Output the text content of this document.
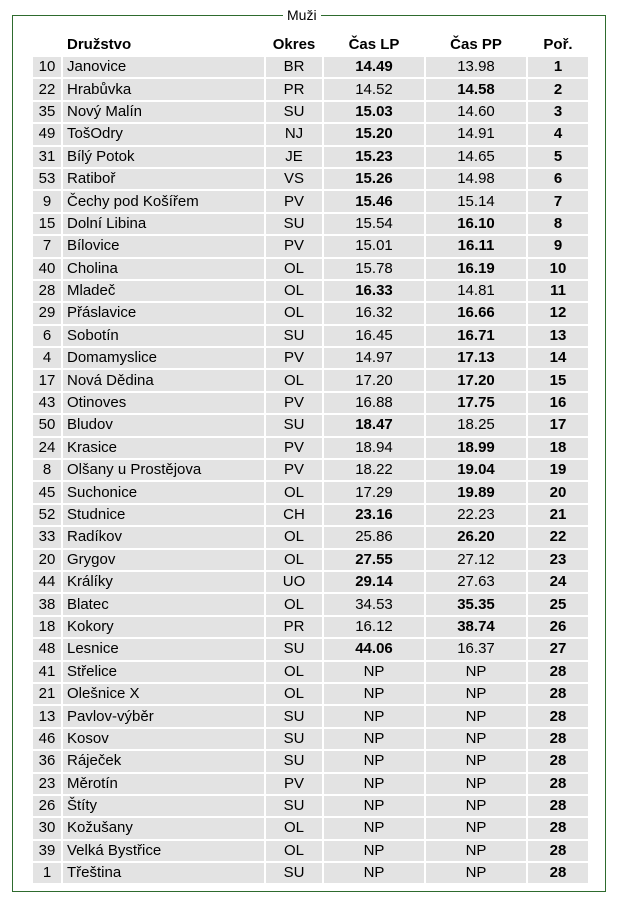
Muži
	Družstvo	Okres	Čas LP	Čas PP	Poř.
10	Janovice	BR	14.49	13.98	1
22	Hrabůvka	PR	14.52	14.58	2
35	Nový Malín	SU	15.03	14.60	3
49	TošOdry	NJ	15.20	14.91	4
31	Bílý Potok	JE	15.23	14.65	5
53	Ratiboř	VS	15.26	14.98	6
9	Čechy pod Košířem	PV	15.46	15.14	7
15	Dolní Libina	SU	15.54	16.10	8
7	Bílovice	PV	15.01	16.11	9
40	Cholina	OL	15.78	16.19	10
28	Mladeč	OL	16.33	14.81	11
29	Přáslavice	OL	16.32	16.66	12
6	Sobotín	SU	16.45	16.71	13
4	Domamyslice	PV	14.97	17.13	14
17	Nová Dědina	OL	17.20	17.20	15
43	Otinoves	PV	16.88	17.75	16
50	Bludov	SU	18.47	18.25	17
24	Krasice	PV	18.94	18.99	18
8	Olšany u Prostějova	PV	18.22	19.04	19
45	Suchonice	OL	17.29	19.89	20
52	Studnice	CH	23.16	22.23	21
33	Radíkov	OL	25.86	26.20	22
20	Grygov	OL	27.55	27.12	23
44	Králíky	UO	29.14	27.63	24
38	Blatec	OL	34.53	35.35	25
18	Kokory	PR	16.12	38.74	26
48	Lesnice	SU	44.06	16.37	27
41	Střelice	OL	NP	NP	28
21	Olešnice X	OL	NP	NP	28
13	Pavlov-výběr	SU	NP	NP	28
46	Kosov	SU	NP	NP	28
36	Ráječek	SU	NP	NP	28
23	Měrotín	PV	NP	NP	28
26	Štíty	SU	NP	NP	28
30	Kožušany	OL	NP	NP	28
39	Velká Bystřice	OL	NP	NP	28
1	Třeština	SU	NP	NP	28
